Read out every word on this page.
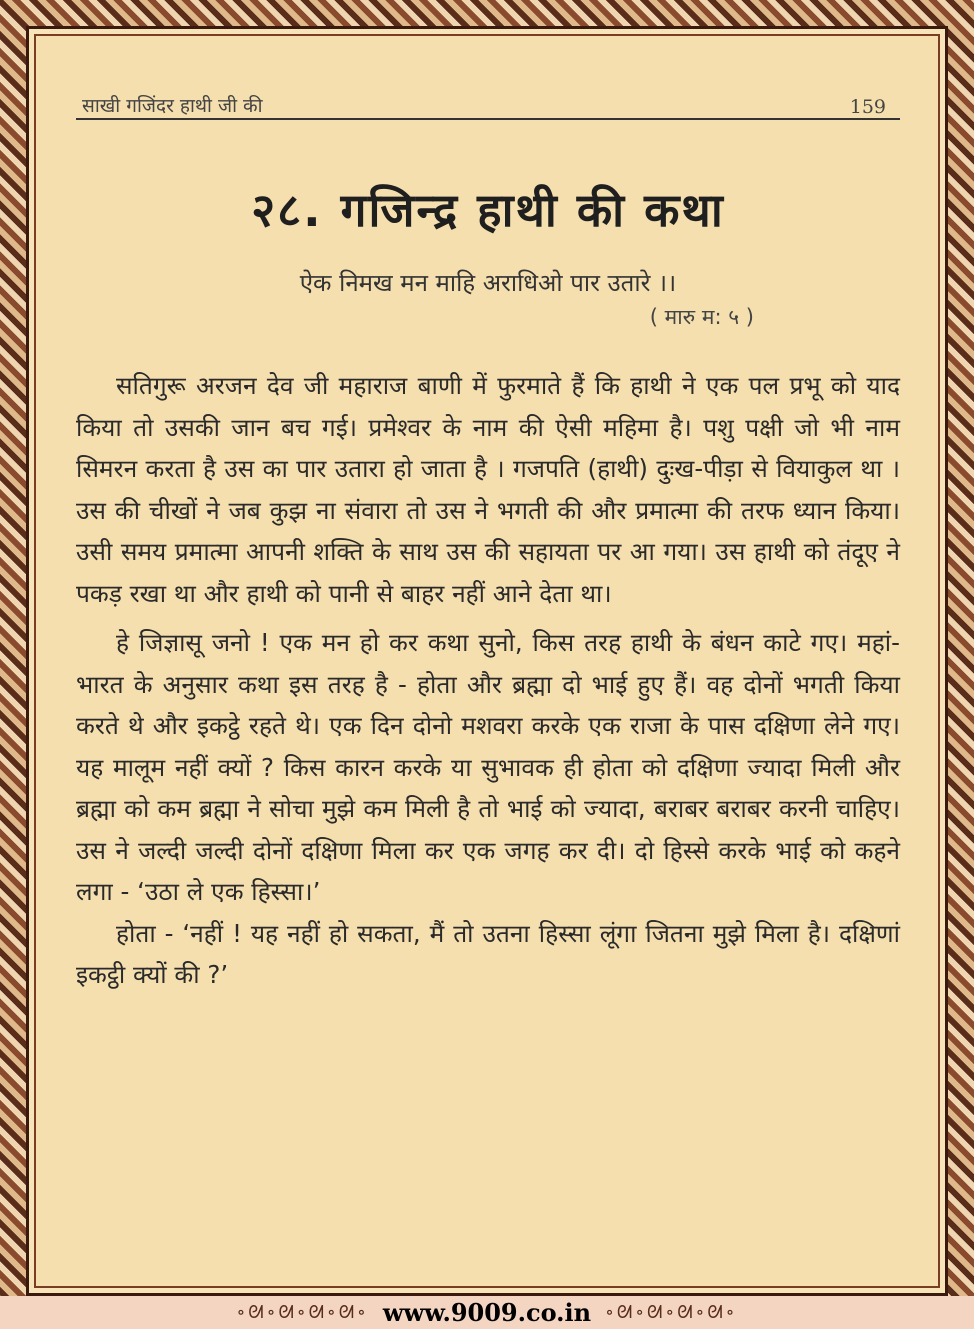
साखी गजिंदर हाथी जी की	159
२८. गजिन्द्र हाथी की कथा
ऐक निमख मन माहि अराधिओ पार उतारे ।।
( मारु म: ५ )

सतिगुरू अरजन देव जी महाराज बाणी में फुरमाते हैं कि हाथी ने एक पल प्रभू को याद किया तो उसकी जान बच गई। प्रमेश्वर के नाम की ऐसी महिमा है। पशु पक्षी जो भी नाम सिमरन करता है उस का पार उतारा हो जाता है । गजपति (हाथी) दुःख-पीड़ा से वियाकुल था । उस की चीखों ने जब कुझ ना संवारा तो उस ने भगती की और प्रमात्मा की तरफ ध्यान किया। उसी समय प्रमात्मा आपनी शक्ति के साथ उस की सहायता पर आ गया। उस हाथी को तंदूए ने पकड़ रखा था और हाथी को पानी से बाहर नहीं आने देता था।

हे जिज्ञासू जनो ! एक मन हो कर कथा सुनो, किस तरह हाथी के बंधन काटे गए। महां-भारत के अनुसार कथा इस तरह है - होता और ब्रह्मा दो भाई हुए हैं। वह दोनों भगती किया करते थे और इकट्ठे रहते थे। एक दिन दोनो मशवरा करके एक राजा के पास दक्षिणा लेने गए। यह मालूम नहीं क्यों ? किस कारन करके या सुभावक ही होता को दक्षिणा ज्यादा मिली और ब्रह्मा को कम ब्रह्मा ने सोचा मुझे कम मिली है तो भाई को ज्यादा, बराबर बराबर करनी चाहिए। उस ने जल्दी जल्दी दोनों दक्षिणा मिला कर एक जगह कर दी। दो हिस्से करके भाई को कहने लगा - ‘उठा ले एक हिस्सा।’

होता - ‘नहीं ! यह नहीं हो सकता, मैं तो उतना हिस्सा लूंगा जितना मुझे मिला है। दक्षिणां इकट्ठी क्यों की ?’

∘ᘛ∘ᘛ∘ᘛ∘ᘛ∘ www.9009.co.in ∘ᘛ∘ᘛ∘ᘛ∘ᘛ∘
